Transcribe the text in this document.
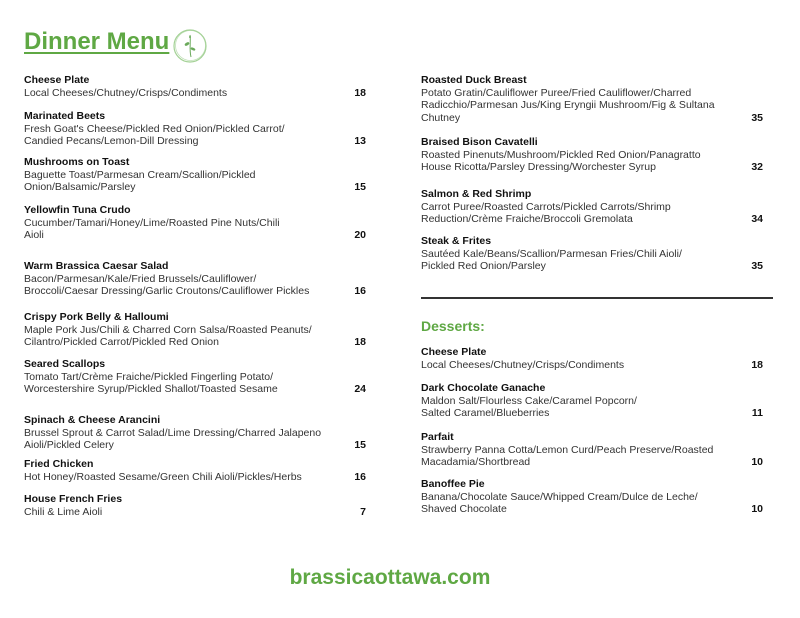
Dinner Menu
Cheese Plate
Local Cheeses/Chutney/Crisps/Condiments	18
Marinated Beets
Fresh Goat's Cheese/Pickled Red Onion/Pickled Carrot/
Candied Pecans/Lemon-Dill Dressing	13
Mushrooms on Toast
Baguette Toast/Parmesan Cream/Scallion/Pickled
Onion/Balsamic/Parsley	15
Yellowfin Tuna Crudo
Cucumber/Tamari/Honey/Lime/Roasted Pine Nuts/Chili
Aioli	20
Warm Brassica Caesar Salad
Bacon/Parmesan/Kale/Fried Brussels/Cauliflower/
Broccoli/Caesar Dressing/Garlic Croutons/Cauliflower Pickles	16
Crispy Pork Belly & Halloumi
Maple Pork Jus/Chili & Charred Corn Salsa/Roasted Peanuts/
Cilantro/Pickled Carrot/Pickled Red Onion	18
Seared Scallops
Tomato Tart/Crème Fraiche/Pickled Fingerling Potato/
Worcestershire Syrup/Pickled Shallot/Toasted Sesame	24
Spinach & Cheese Arancini
Brussel Sprout & Carrot Salad/Lime Dressing/Charred Jalapeno
Aioli/Pickled Celery	15
Fried Chicken
Hot Honey/Roasted Sesame/Green Chili Aioli/Pickles/Herbs	16
House French Fries
Chili & Lime Aioli	7
Roasted Duck Breast
Potato Gratin/Cauliflower Puree/Fried Cauliflower/Charred
Radicchio/Parmesan Jus/King Eryngii Mushroom/Fig & Sultana
Chutney	35
Braised Bison Cavatelli
Roasted Pinenuts/Mushroom/Pickled Red Onion/Panagratto
House Ricotta/Parsley Dressing/Worchester Syrup	32
Salmon & Red Shrimp
Carrot Puree/Roasted Carrots/Pickled Carrots/Shrimp
Reduction/Crème Fraiche/Broccoli Gremolata	34
Steak & Frites
Sautéed Kale/Beans/Scallion/Parmesan Fries/Chili Aioli/
Pickled Red Onion/Parsley	35
Desserts:
Cheese Plate
Local Cheeses/Chutney/Crisps/Condiments	18
Dark Chocolate Ganache
Maldon Salt/Flourless Cake/Caramel Popcorn/
Salted Caramel/Blueberries	11
Parfait
Strawberry Panna Cotta/Lemon Curd/Peach Preserve/Roasted
Macadamia/Shortbread	10
Banoffee Pie
Banana/Chocolate Sauce/Whipped Cream/Dulce de Leche/
Shaved Chocolate	10
brassicaottawa.com
